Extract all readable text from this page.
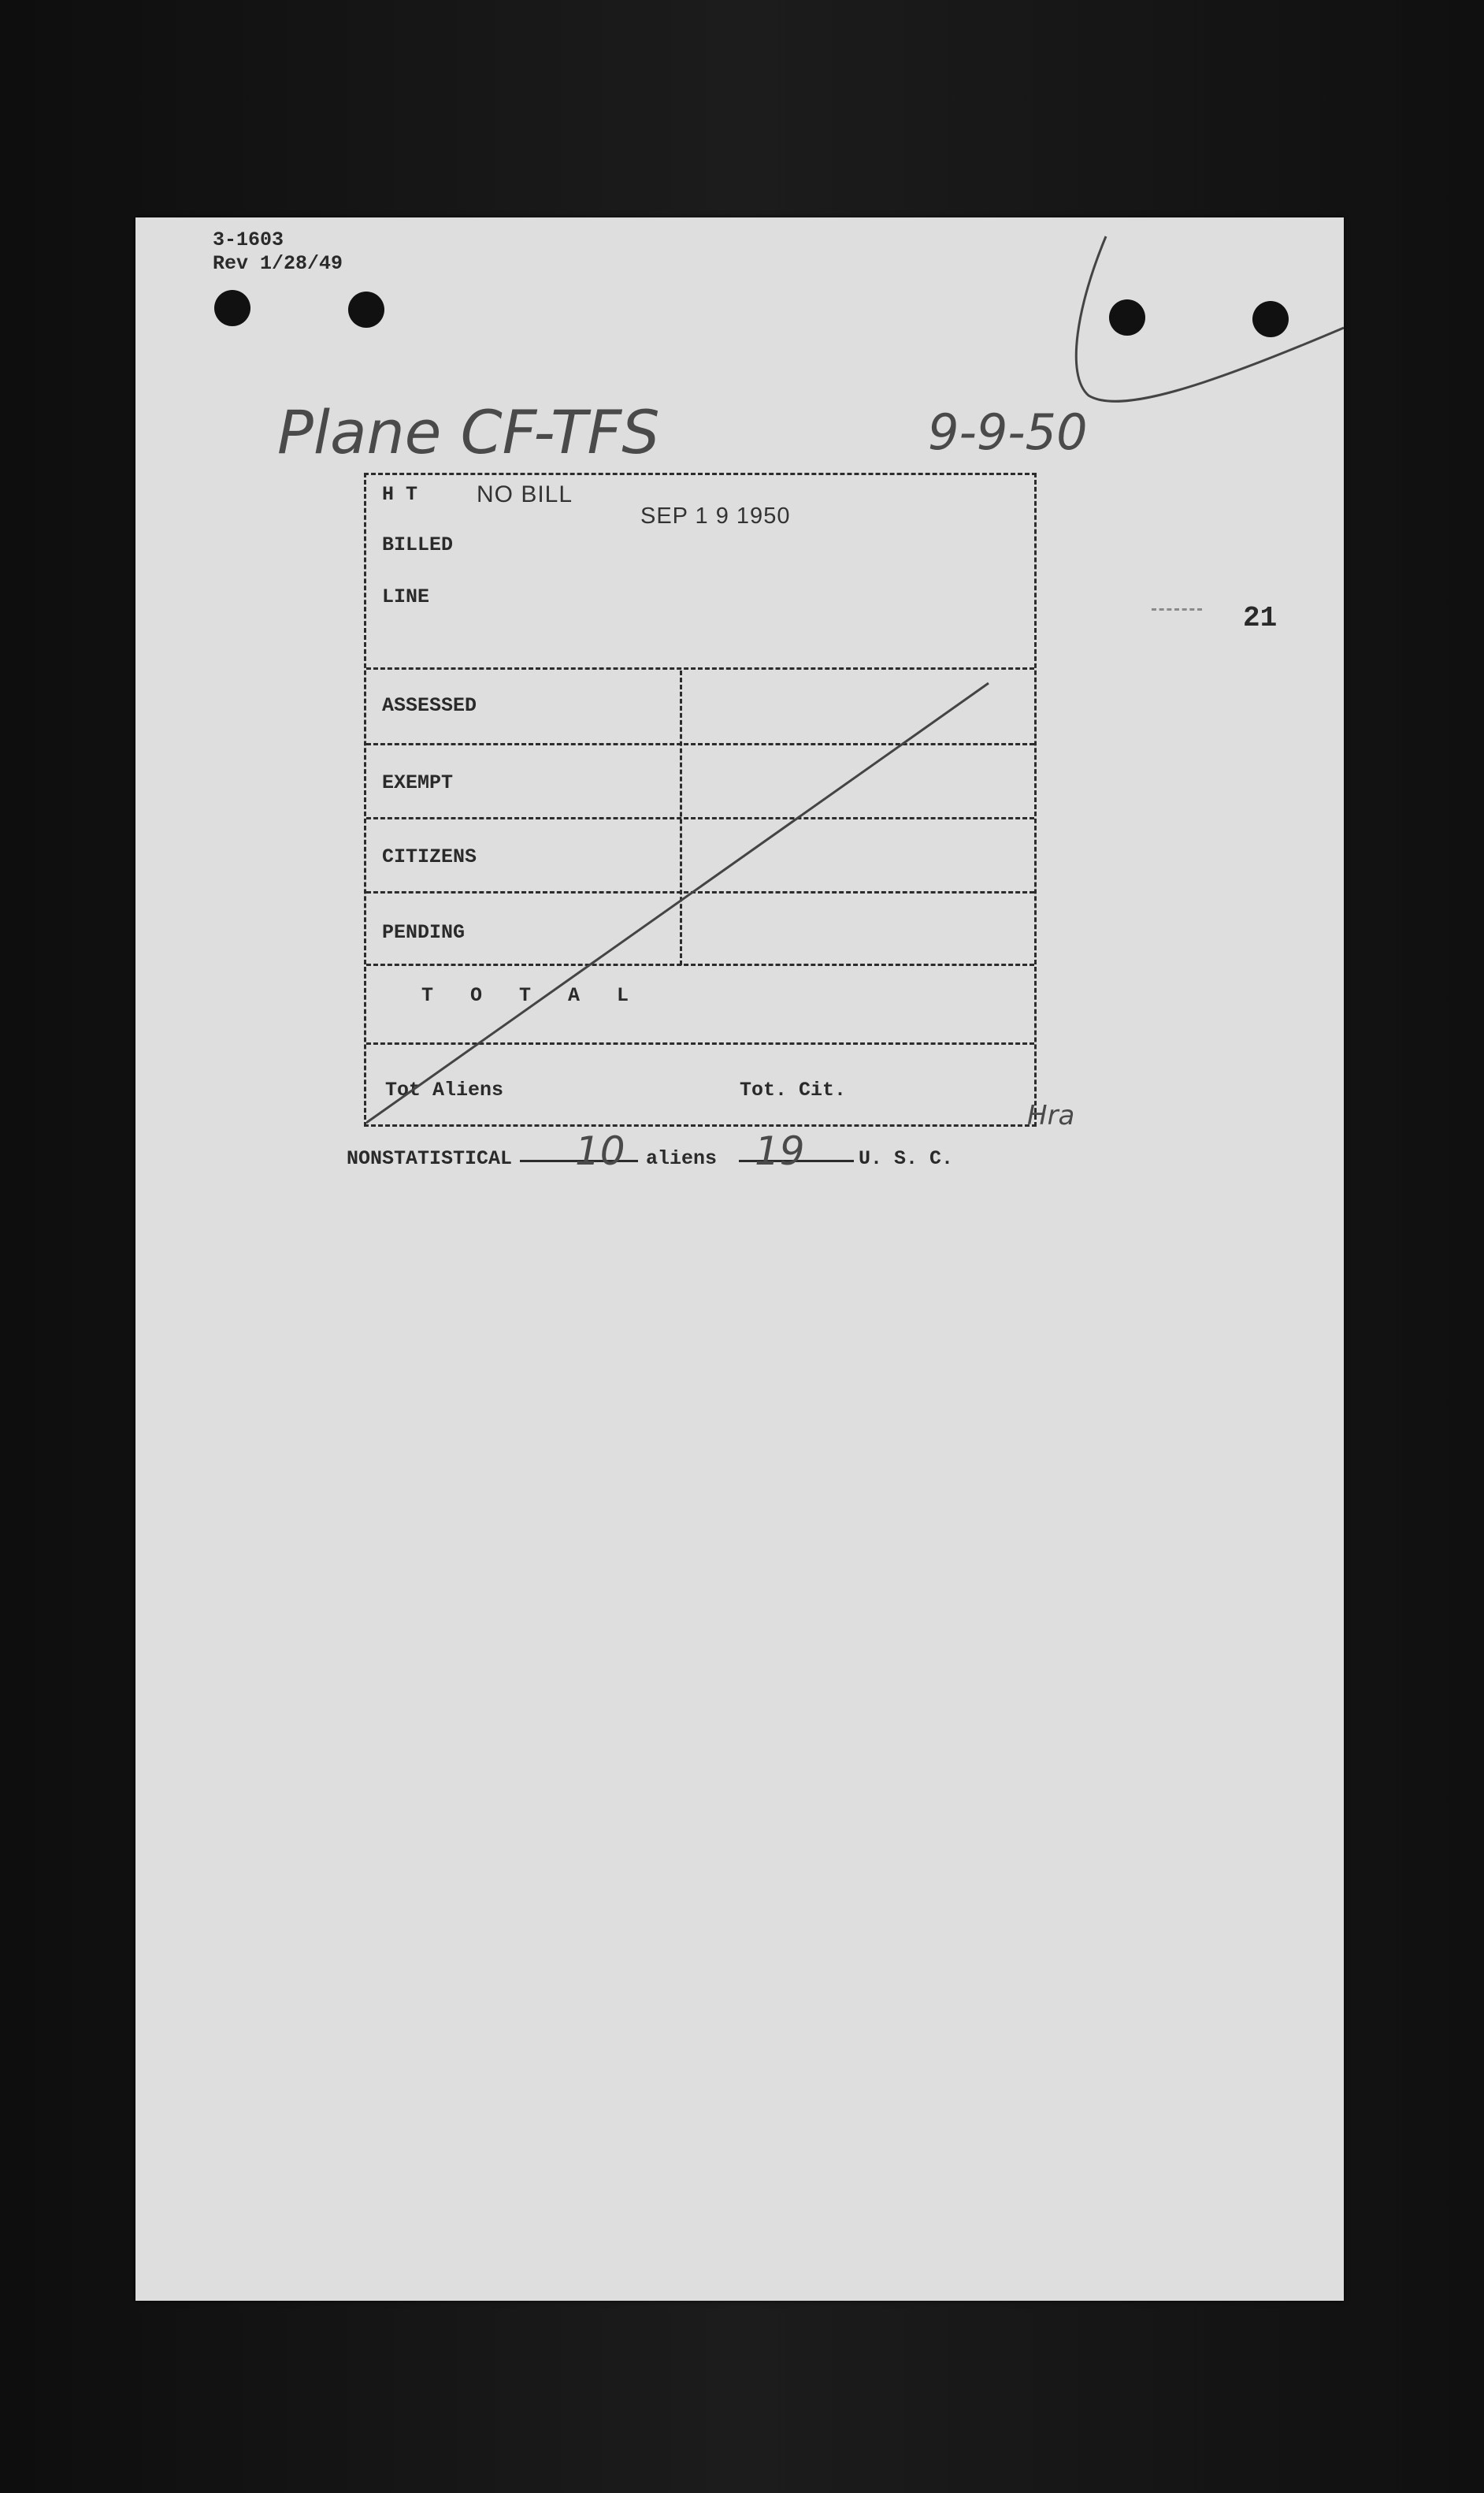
3-1603
Rev 1/28/49
Plane CF-TFS	9-9-50
21
H T NO BILL
SEP 1 9 1950
BILLED
LINE
ASSESSED
EXEMPT
CITIZENS
PENDING
T O T A L
Tot Aliens	Tot. Cit.
Hra
NONSTATISTICAL 10 aliens 19	U. S. C.
